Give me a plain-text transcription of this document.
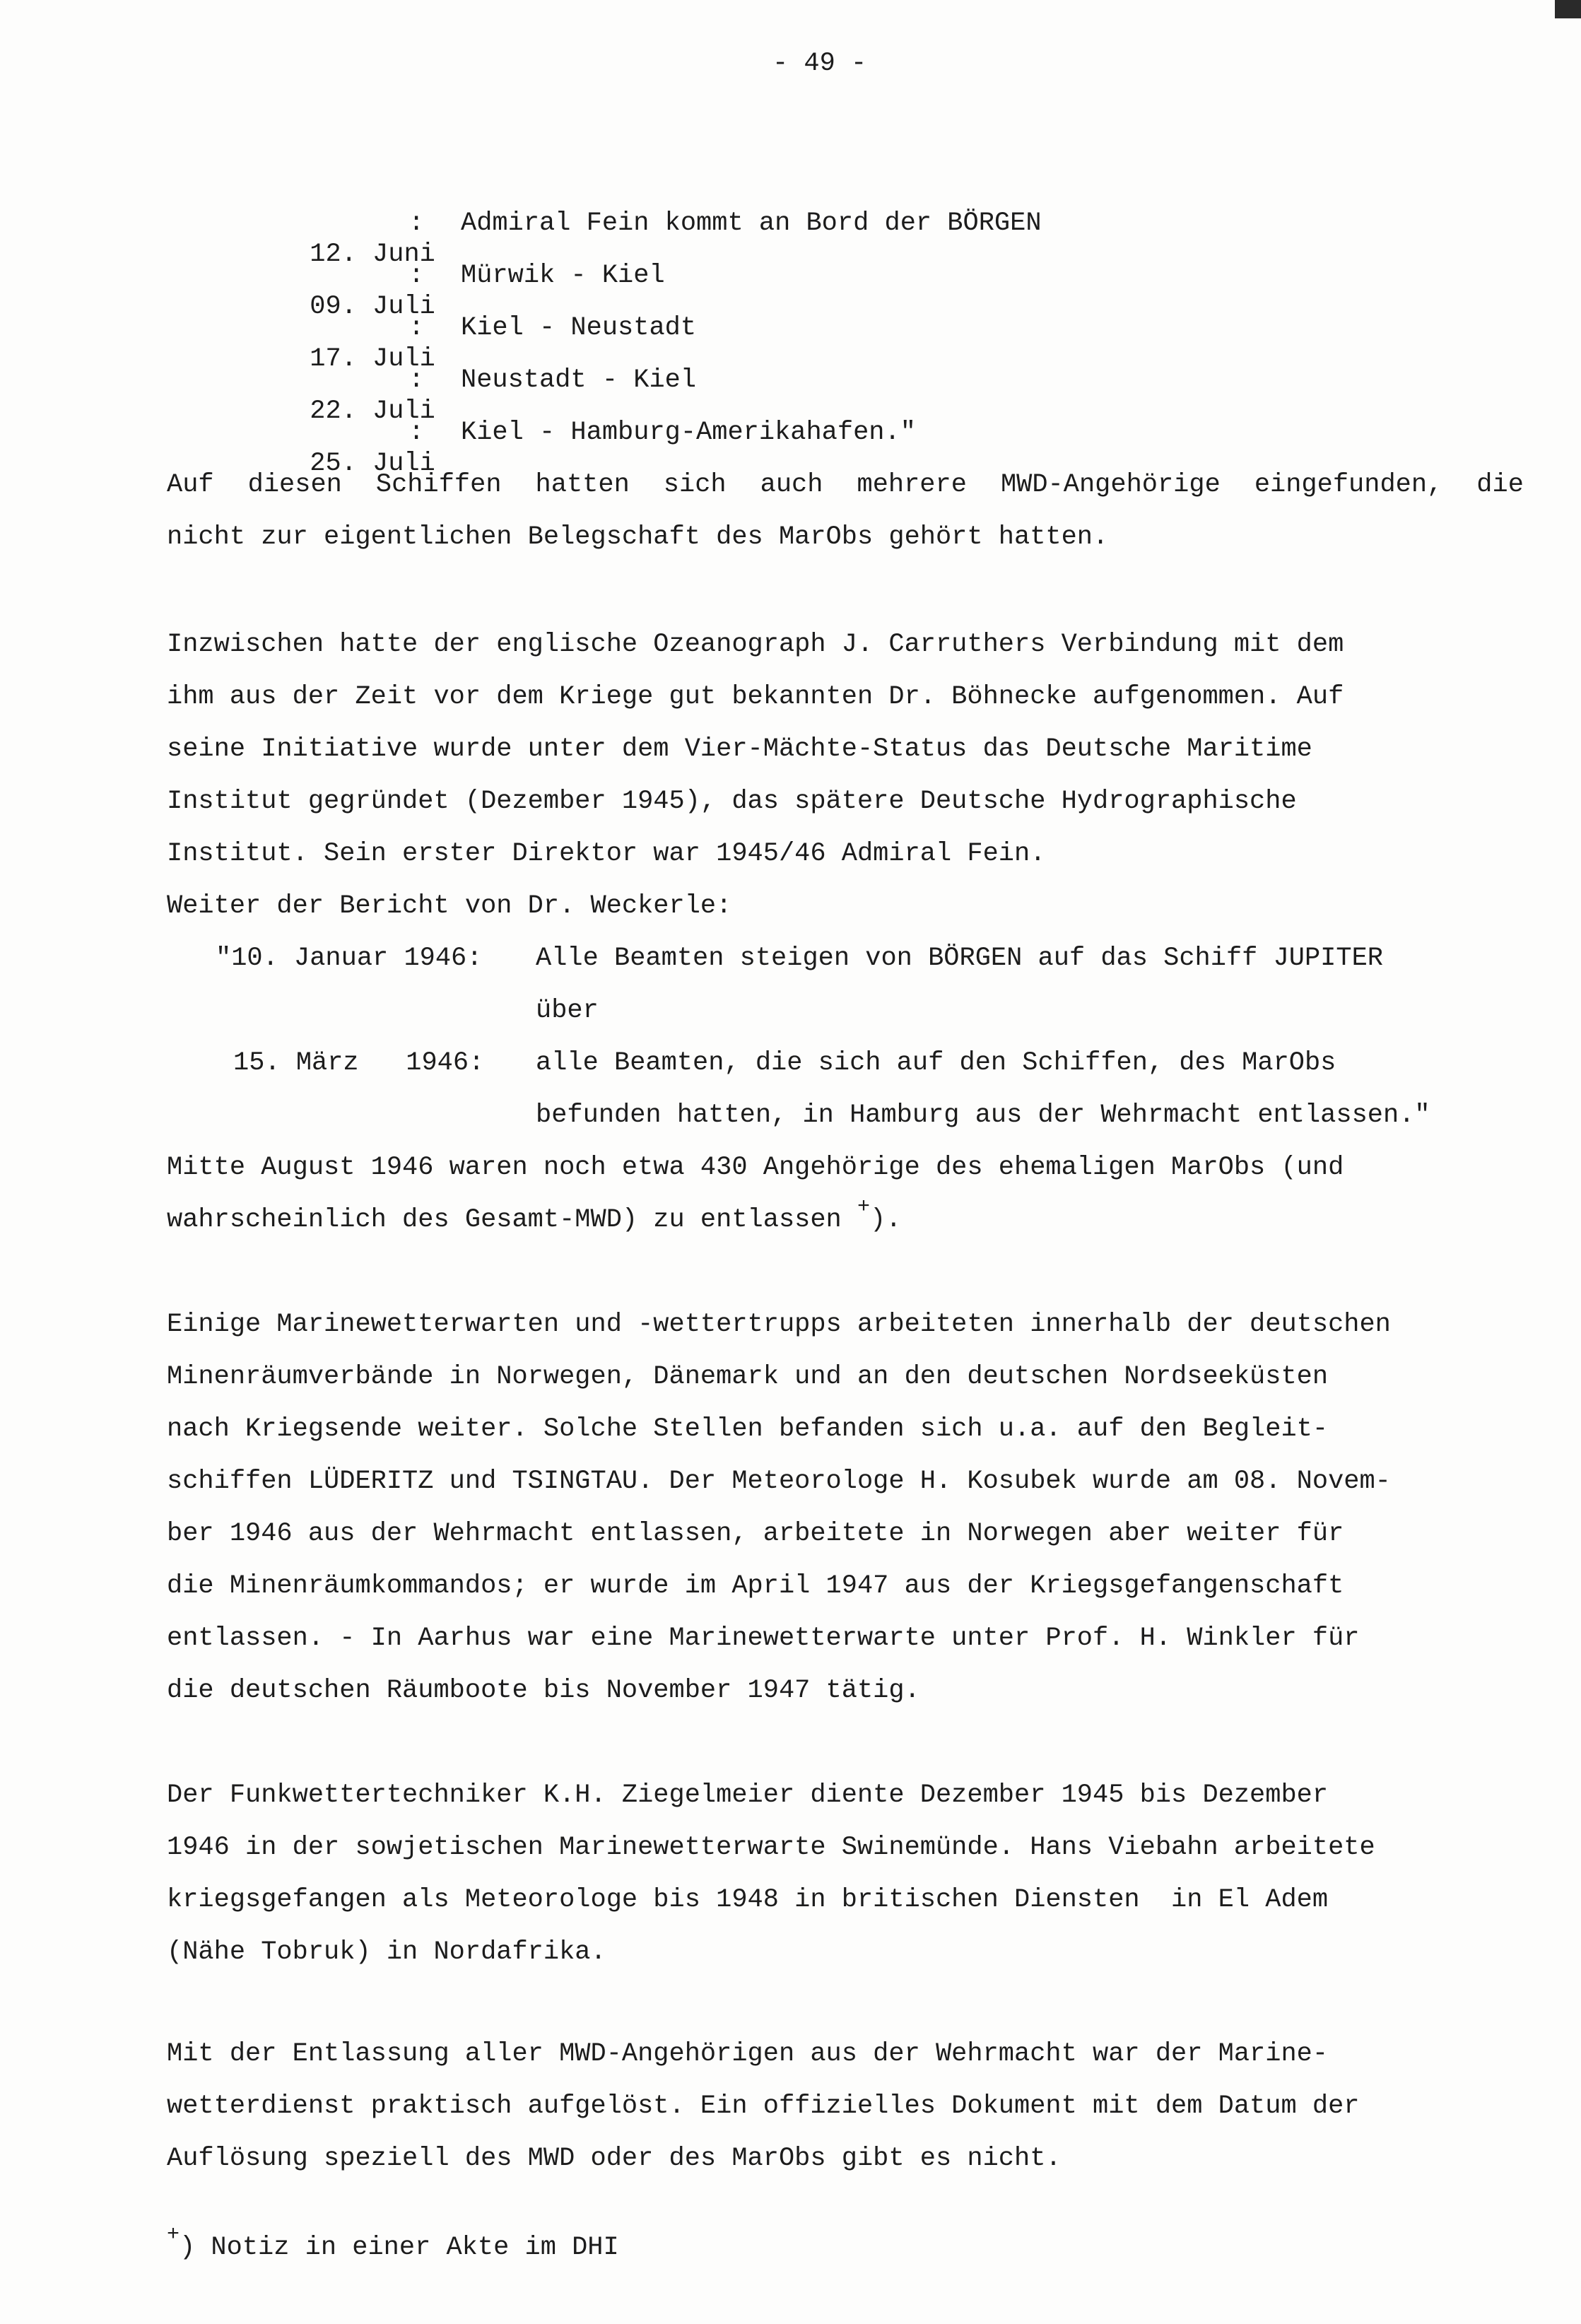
- 49 -

12. Juni

: Admiral Fein kommt an Bord der BÖRGEN

09. Juli

: Mürwik - Kiel

17. Juli

: Kiel - Neustadt

22. Juli

: Neustadt - Kiel

25. Juli

: Kiel - Hamburg-Amerikahafen."
Auf diesen Schiffen hatten sich auch mehrere MWD-Angehörige eingefunden, die
nicht zur eigentlichen Belegschaft des MarObs gehört hatten.
Inzwischen hatte der englische Ozeanograph J. Carruthers Verbindung mit dem
ihm aus der Zeit vor dem Kriege gut bekannten Dr. Böhnecke aufgenommen. Auf
seine Initiative wurde unter dem Vier-Mächte-Status das Deutsche Maritime
Institut gegründet (Dezember 1945), das spätere Deutsche Hydrographische
Institut. Sein erster Direktor war 1945/46 Admiral Fein.
Weiter der Bericht von Dr. Weckerle:
"10. Januar 1946: Alle Beamten steigen von BÖRGEN auf das Schiff JUPITER
über
15. März   1946: alle Beamten, die sich auf den Schiffen, des MarObs
befunden hatten, in Hamburg aus der Wehrmacht entlassen."
Mitte August 1946 waren noch etwa 430 Angehörige des ehemaligen MarObs (und
wahrscheinlich des Gesamt-MWD) zu entlassen +).
Einige Marinewetterwarten und -wettertrupps arbeiteten innerhalb der deutschen
Minenräumverbände in Norwegen, Dänemark und an den deutschen Nordseeküsten
nach Kriegsende weiter. Solche Stellen befanden sich u.a. auf den Begleit-
schiffen LÜDERITZ und TSINGTAU. Der Meteorologe H. Kosubek wurde am 08. Novem-
ber 1946 aus der Wehrmacht entlassen, arbeitete in Norwegen aber weiter für
die Minenräumkommandos; er wurde im April 1947 aus der Kriegsgefangenschaft
entlassen. - In Aarhus war eine Marinewetterwarte unter Prof. H. Winkler für
die deutschen Räumboote bis November 1947 tätig.
Der Funkwettertechniker K.H. Ziegelmeier diente Dezember 1945 bis Dezember
1946 in der sowjetischen Marinewetterwarte Swinemünde. Hans Viebahn arbeitete
kriegsgefangen als Meteorologe bis 1948 in britischen Diensten  in El Adem
(Nähe Tobruk) in Nordafrika.
Mit der Entlassung aller MWD-Angehörigen aus der Wehrmacht war der Marine-
wetterdienst praktisch aufgelöst. Ein offizielles Dokument mit dem Datum der
Auflösung speziell des MWD oder des MarObs gibt es nicht.
+) Notiz in einer Akte im DHI
